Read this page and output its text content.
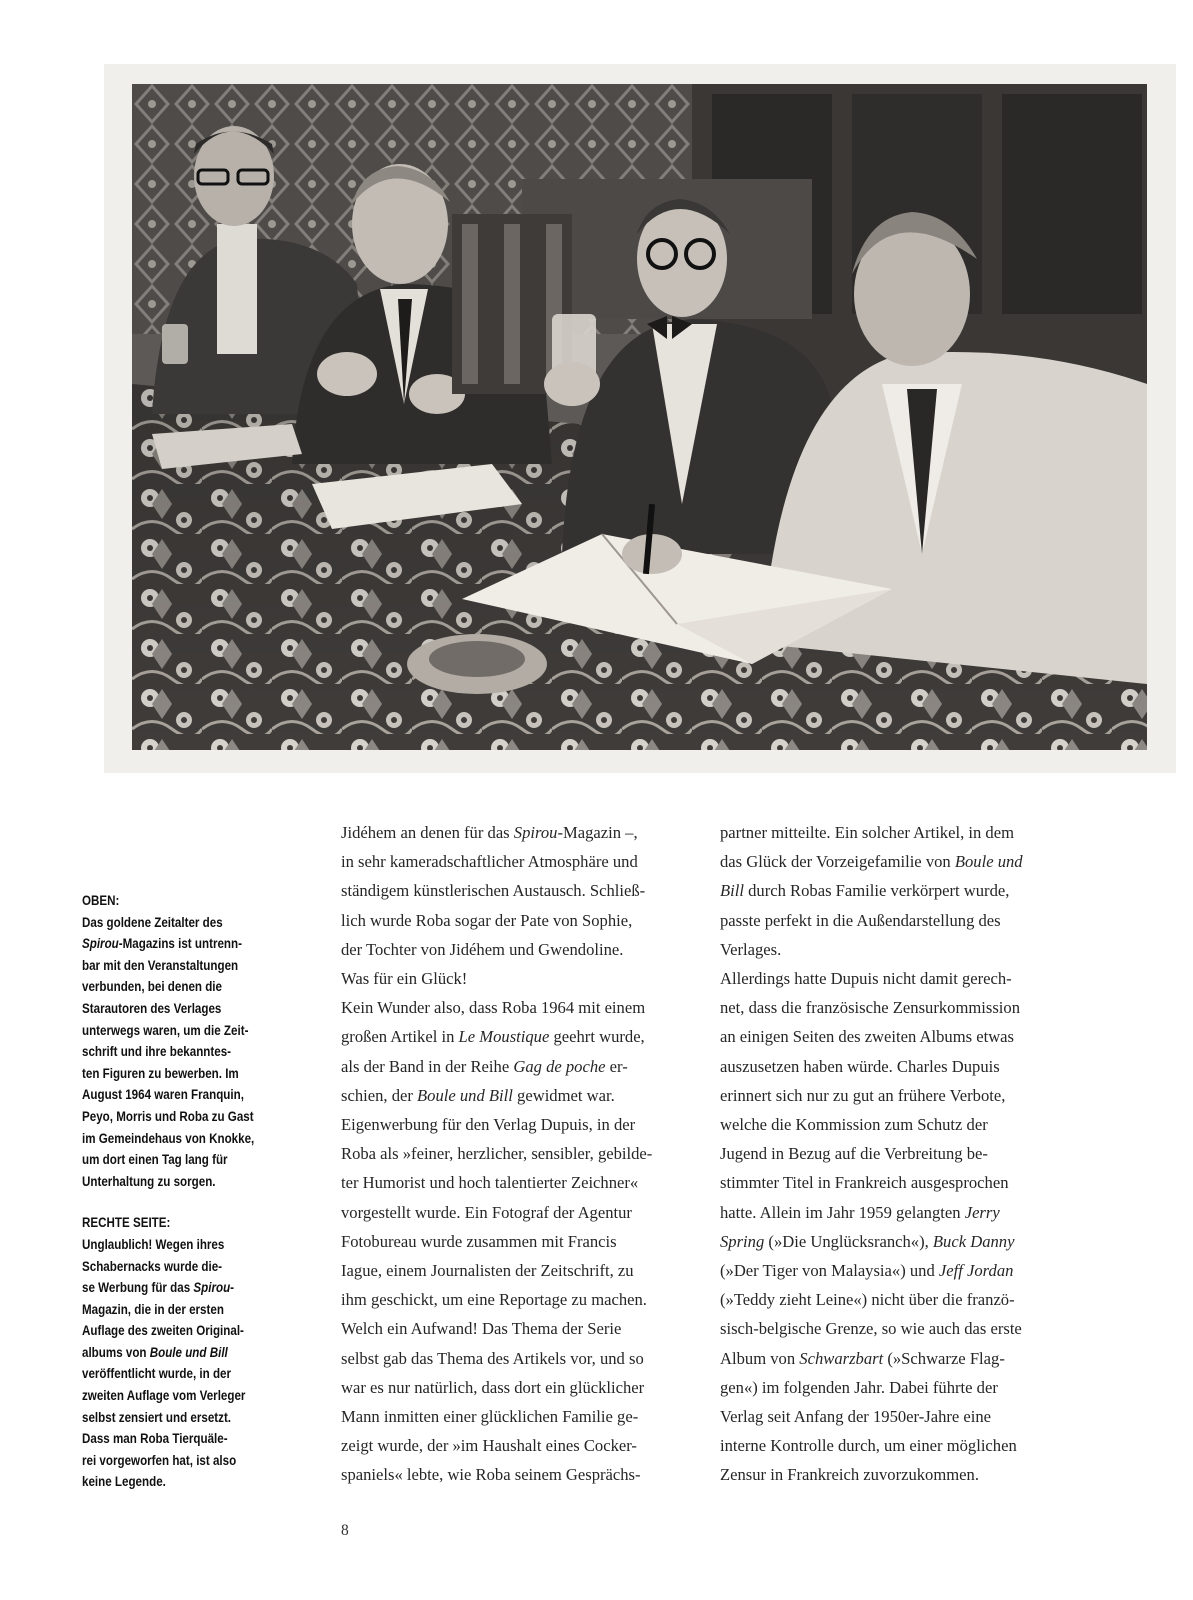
OBEN:
Das goldene Zeitalter des
Spirou-Magazins ist untrenn-
bar mit den Veranstaltungen
verbunden, bei denen die
Starautoren des Verlages
unterwegs waren, um die Zeit-
schrift und ihre bekanntes-
ten Figuren zu bewerben. Im
August 1964 waren Franquin,
Peyo, Morris und Roba zu Gast
im Gemeindehaus von Knokke,
um dort einen Tag lang für
Unterhaltung zu sorgen.
RECHTE SEITE:
Unglaublich! Wegen ihres
Schabernacks wurde die-
se Werbung für das Spirou-
Magazin, die in der ersten
Auflage des zweiten Original-
albums von Boule und Bill
veröffentlicht wurde, in der
zweiten Auflage vom Verleger
selbst zensiert und ersetzt.
Dass man Roba Tierquäle-
rei vorgeworfen hat, ist also
keine Legende.
Jidéhem an denen für das Spirou-Magazin –,
in sehr kameradschaftlicher Atmosphäre und
ständigem künstlerischen Austausch. Schließ-
lich wurde Roba sogar der Pate von Sophie,
der Tochter von Jidéhem und Gwendoline.
Was für ein Glück!
Kein Wunder also, dass Roba 1964 mit einem
großen Artikel in Le Moustique geehrt wurde,
als der Band in der Reihe Gag de poche er-
schien, der Boule und Bill gewidmet war.
Eigenwerbung für den Verlag Dupuis, in der
Roba als »feiner, herzlicher, sensibler, gebilde-
ter Humorist und hoch talentierter Zeichner«
vorgestellt wurde. Ein Fotograf der Agentur
Fotobureau wurde zusammen mit Francis
Iague, einem Journalisten der Zeitschrift, zu
ihm geschickt, um eine Reportage zu machen.
Welch ein Aufwand! Das Thema der Serie
selbst gab das Thema des Artikels vor, und so
war es nur natürlich, dass dort ein glücklicher
Mann inmitten einer glücklichen Familie ge-
zeigt wurde, der »im Haushalt eines Cocker-
spaniels« lebte, wie Roba seinem Gesprächs-
partner mitteilte. Ein solcher Artikel, in dem
das Glück der Vorzeigefamilie von Boule und
Bill durch Robas Familie verkörpert wurde,
passte perfekt in die Außendarstellung des
Verlages.
Allerdings hatte Dupuis nicht damit gerech-
net, dass die französische Zensurkommission
an einigen Seiten des zweiten Albums etwas
auszusetzen haben würde. Charles Dupuis
erinnert sich nur zu gut an frühere Verbote,
welche die Kommission zum Schutz der
Jugend in Bezug auf die Verbreitung be-
stimmter Titel in Frankreich ausgesprochen
hatte. Allein im Jahr 1959 gelangten Jerry
Spring (»Die Unglücksranch«), Buck Danny
(»Der Tiger von Malaysia«) und Jeff Jordan
(»Teddy zieht Leine«) nicht über die franzö-
sisch-belgische Grenze, so wie auch das erste
Album von Schwarzbart (»Schwarze Flag-
gen«) im folgenden Jahr. Dabei führte der
Verlag seit Anfang der 1950er-Jahre eine
interne Kontrolle durch, um einer möglichen
Zensur in Frankreich zuvorzukommen.
8
